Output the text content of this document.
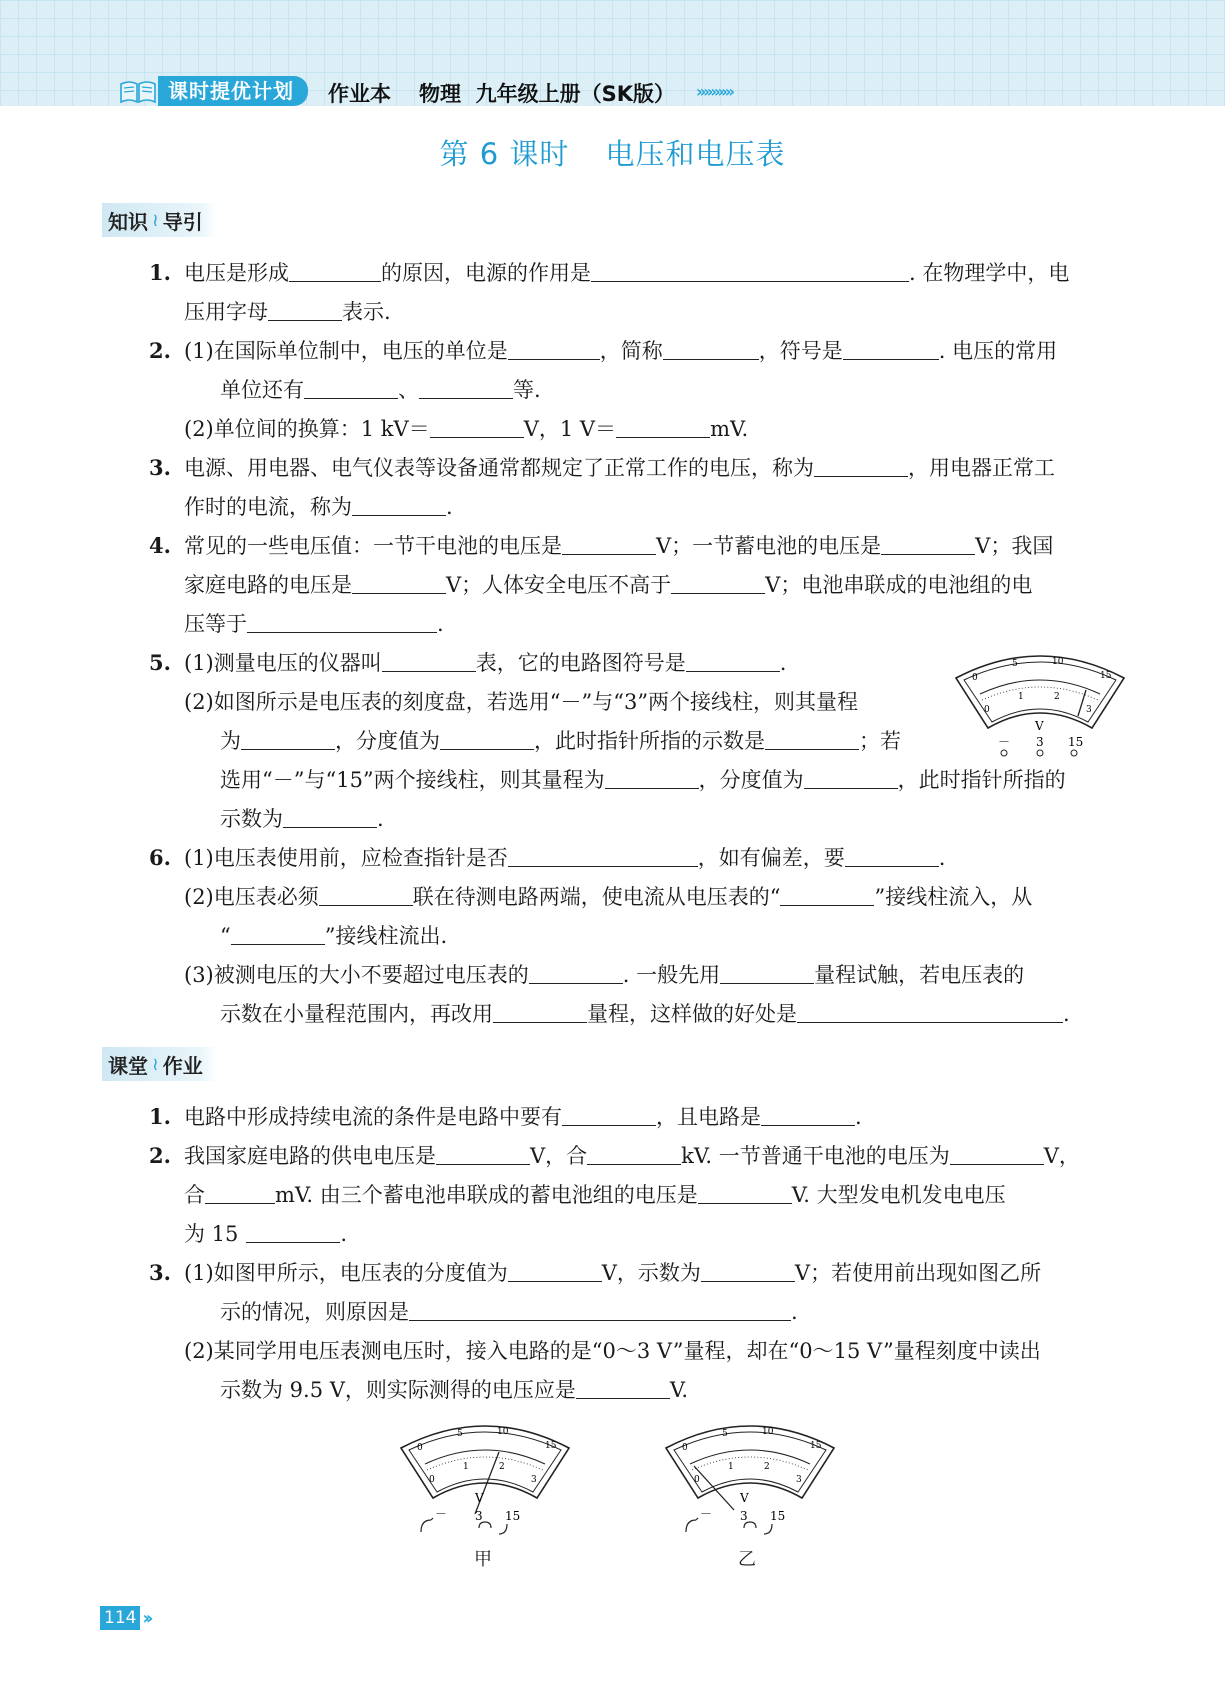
课时提优计划	作业本 物理 九年级上册（SK版） ››››››››››
第 6 课时 电压和电压表
知识 ≀ 导引
1. 电压是形成	的原因，电源的作用是	. 在物理学中，电
压用字母	表示.
2. (1)在国际单位制中，电压的单位是	，简称	，符号是	. 电压的常用
单位还有	、	等.
(2)单位间的换算：1 kV＝	V，1 V＝	mV.
3. 电源、用电器、电气仪表等设备通常都规定了正常工作的电压，称为	，用电器正常工
作时的电流，称为	.
4. 常见的一些电压值：一节干电池的电压是	V；一节蓄电池的电压是	V；我国
家庭电路的电压是	V；人体安全电压不高于	V；电池串联成的电池组的电
压等于	.
5. (1)测量电压的仪器叫	表，它的电路图符号是	.
(2)如图所示是电压表的刻度盘，若选用“－”与“3”两个接线柱，则其量程
为	，分度值为	，此时指针所指的示数是	；若
选用“－”与“15”两个接线柱，则其量程为	，分度值为	，此时指针所指的
示数为	.
0
5	10
15
0
1	2
3
V
－ 3 15
6. (1)电压表使用前，应检查指针是否	，如有偏差，要	.
(2)电压表必须	联在待测电路两端，使电流从电压表的“	”接线柱流入，从
“	”接线柱流出.
(3)被测电压的大小不要超过电压表的	. 一般先用	量程试触，若电压表的
示数在小量程范围内，再改用	量程，这样做的好处是	.
课堂 ≀ 作业
1. 电路中形成持续电流的条件是电路中要有	，且电路是	.
2. 我国家庭电路的供电电压是	V，合	kV. 一节普通干电池的电压为	V，
合	mV. 由三个蓄电池串联成的蓄电池组的电压是	V. 大型发电机发电电压
为 15	.
3. (1)如图甲所示，电压表的分度值为	V，示数为	V；若使用前出现如图乙所
示的情况，则原因是	.
(2)某同学用电压表测电压时，接入电路的是“0～3 V”量程，却在“0～15 V”量程刻度中读出
示数为 9.5 V，则实际测得的电压应是	V.
0
5	10
15
0
1	2
3
V
－ 3 15
0
5	10
15
0
1	2
3
V
－ 3 15
甲	乙
114 ››
